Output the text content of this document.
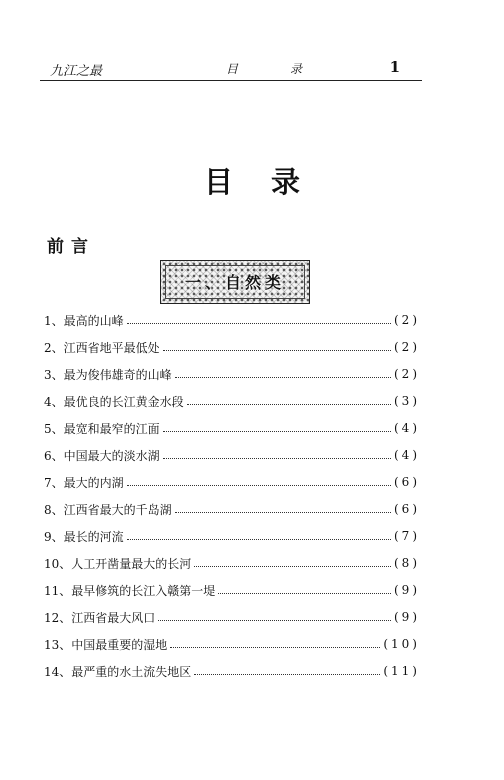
九江之最	目录 1
目录
前言
一、自然类
1、最高的山峰	(2)
2、江西省地平最低处	(2)
3、最为俊伟雄奇的山峰	(2)
4、最优良的长江黄金水段	(3)
5、最宽和最窄的江面	(4)
6、中国最大的淡水湖	(4)
7、最大的内湖	(6)
8、江西省最大的千岛湖	(6)
9、最长的河流	(7)
10、人工开凿量最大的长河	(8)
11、最早修筑的长江入赣第一堤	(9)
12、江西省最大风口	(9)
13、中国最重要的湿地	(10)
14、最严重的水土流失地区	(11)
